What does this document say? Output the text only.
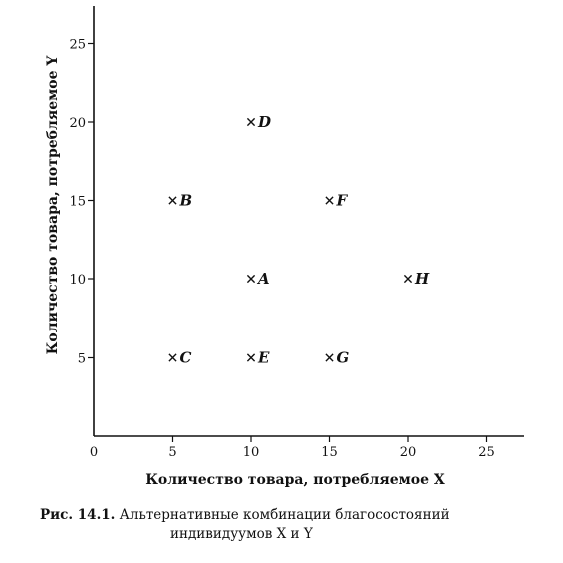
0	5	10	15	20	25
5
10
15
20
25
A
B
C
D
E
F
G
H
Количество товара, потребляемое X
Количество товара, потребляемое Y
Рис. 14.1. Альтернативные комбинации благосостояний
индивидуумов X и Y
